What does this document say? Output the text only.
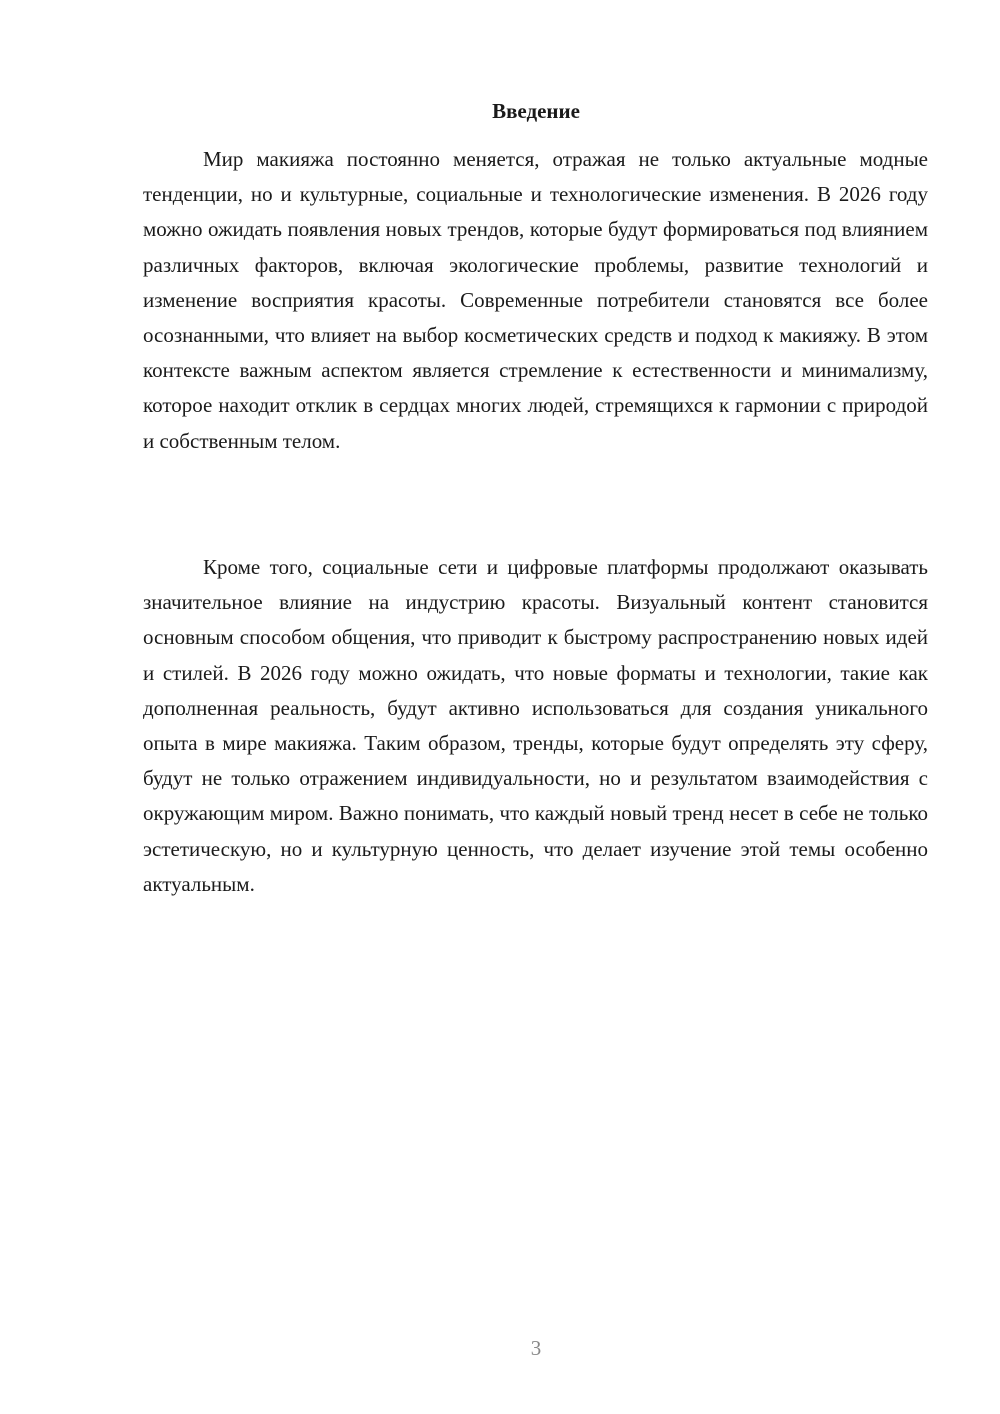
Введение

Мир макияжа постоянно меняется, отражая не только актуальные модные тенденции, но и культурные, социальные и технологические изменения. В 2026 году можно ожидать появления новых трендов, которые будут формироваться под влиянием различных факторов, включая экологические проблемы, развитие технологий и изменение восприятия красоты. Современные потребители становятся все более осознанными, что влияет на выбор косметических средств и подход к макияжу. В этом контексте важным аспектом является стремление к естественности и минимализму, которое находит отклик в сердцах многих людей, стремящихся к гармонии с природой и собственным телом.

Кроме того, социальные сети и цифровые платформы продолжают оказывать значительное влияние на индустрию красоты. Визуальный контент становится основным способом общения, что приводит к быстрому распространению новых идей и стилей. В 2026 году можно ожидать, что новые форматы и технологии, такие как дополненная реальность, будут активно использоваться для создания уникального опыта в мире макияжа. Таким образом, тренды, которые будут определять эту сферу, будут не только отражением индивидуальности, но и результатом взаимодействия с окружающим миром. Важно понимать, что каждый новый тренд несет в себе не только эстетическую, но и культурную ценность, что делает изучение этой темы особенно актуальным.

3
